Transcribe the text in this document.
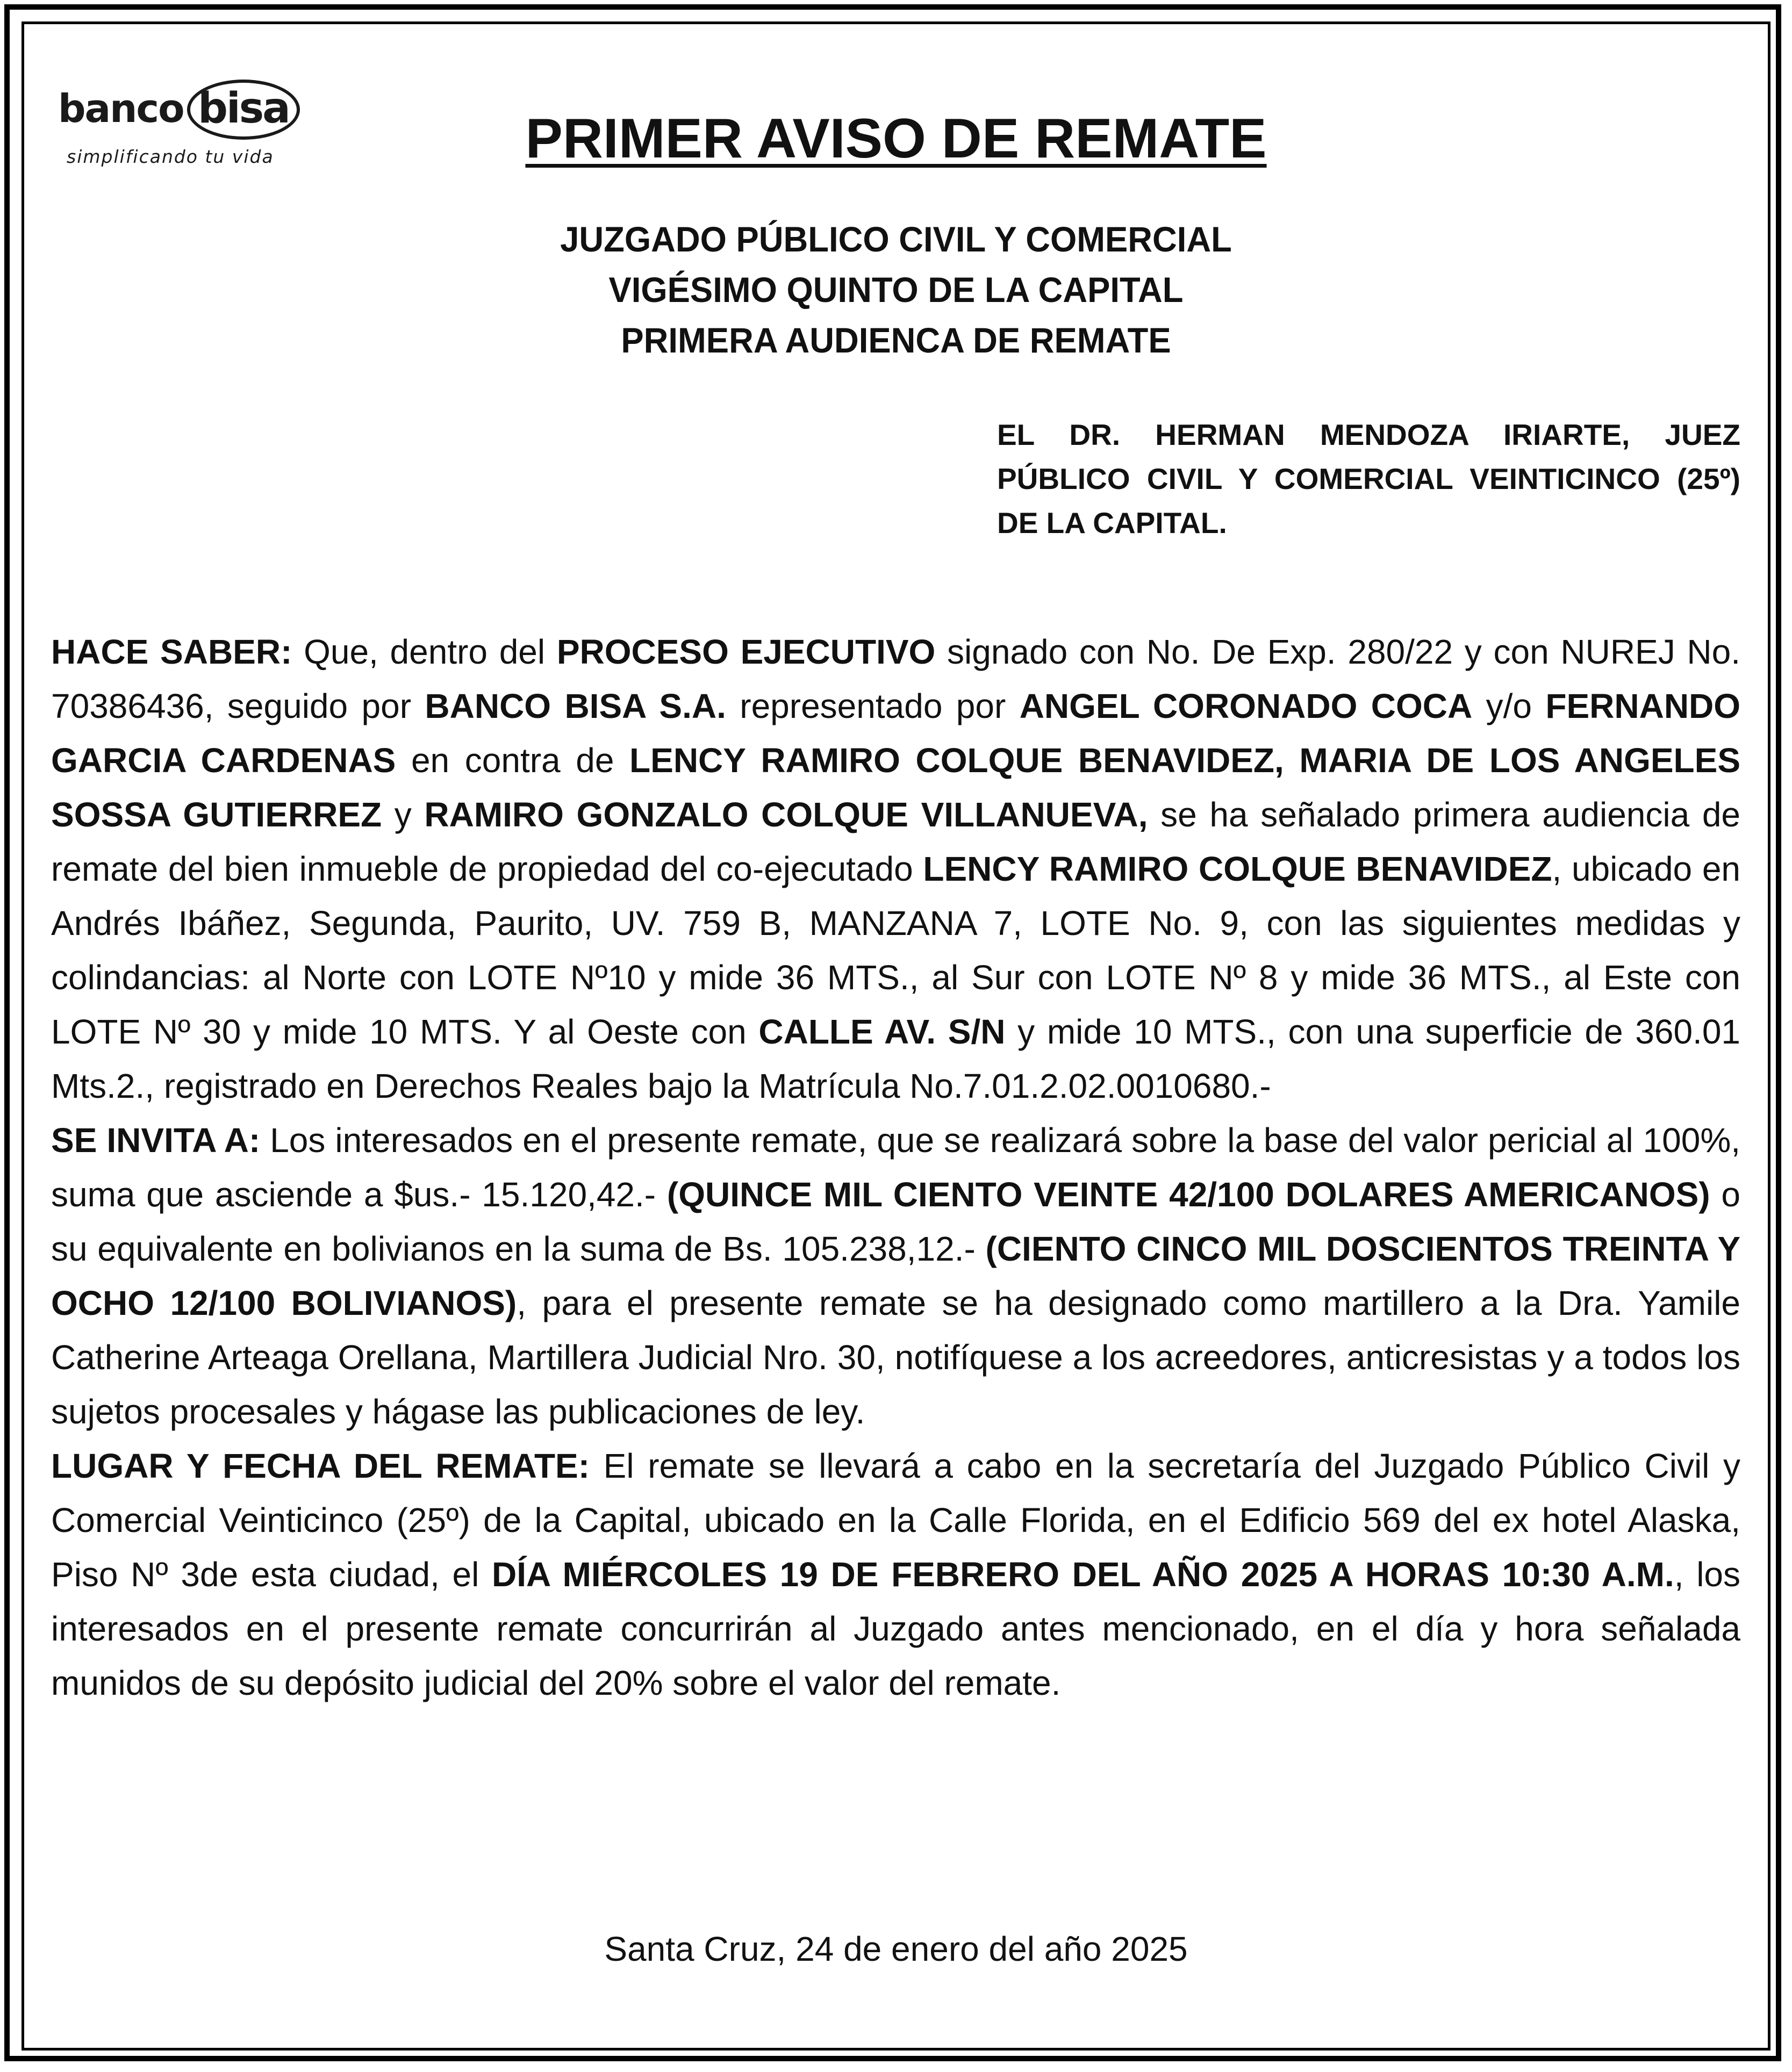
banco bisa
simplificando tu vida	PRIMER AVISO DE REMATE
JUZGADO PÚBLICO CIVIL Y COMERCIAL
VIGÉSIMO QUINTO DE LA CAPITAL
PRIMERA AUDIENCA DE REMATE
EL DR. HERMAN MENDOZA IRIARTE, JUEZ PÚBLICO CIVIL Y COMERCIAL VEINTICINCO (25º) DE LA CAPITAL.

HACE SABER: Que, dentro del PROCESO EJECUTIVO signado con No. De Exp. 280/22 y con NUREJ No. 70386436, seguido por BANCO BISA S.A. representado por ANGEL CORONADO COCA y/o FERNANDO GARCIA CARDENAS en contra de LENCY RAMIRO COLQUE BENAVIDEZ, MARIA DE LOS ANGELES SOSSA GUTIERREZ y RAMIRO GONZALO COLQUE VILLANUEVA, se ha señalado primera audiencia de remate del bien inmueble de propiedad del co-ejecutado LENCY RAMIRO COLQUE BENAVIDEZ, ubicado en Andrés Ibáñez, Segunda, Paurito, UV. 759 B, MANZANA 7, LOTE No. 9, con las siguientes medidas y colindancias: al Norte con LOTE Nº10 y mide 36 MTS., al Sur con LOTE Nº 8 y mide 36 MTS., al Este con LOTE Nº 30 y mide 10 MTS. Y al Oeste con CALLE AV. S/N y mide 10 MTS., con una superficie de 360.01 Mts.2., registrado en Derechos Reales bajo la Matrícula No.7.01.2.02.0010680.-

SE INVITA A: Los interesados en el presente remate, que se realizará sobre la base del valor pericial al 100%, suma que asciende a $us.- 15.120,42.- (QUINCE MIL CIENTO VEINTE 42/100 DOLARES AMERICANOS) o su equivalente en bolivianos en la suma de Bs. 105.238,12.- (CIENTO CINCO MIL DOSCIENTOS TREINTA Y OCHO 12/100 BOLIVIANOS), para el presente remate se ha designado como martillero a la Dra. Yamile Catherine Arteaga Orellana, Martillera Judicial Nro. 30, notifíquese a los acreedores, anticresistas y a todos los sujetos procesales y hágase las publicaciones de ley.

LUGAR Y FECHA DEL REMATE: El remate se llevará a cabo en la secretaría del Juzgado Público Civil y Comercial Veinticinco (25º) de la Capital, ubicado en la Calle Florida, en el Edificio 569 del ex hotel Alaska, Piso Nº 3de esta ciudad, el DÍA MIÉRCOLES 19 DE FEBRERO DEL AÑO 2025 A HORAS 10:30 A.M., los interesados en el presente remate concurrirán al Juzgado antes mencionado, en el día y hora señalada munidos de su depósito judicial del 20% sobre el valor del remate.

Santa Cruz, 24 de enero del año 2025
